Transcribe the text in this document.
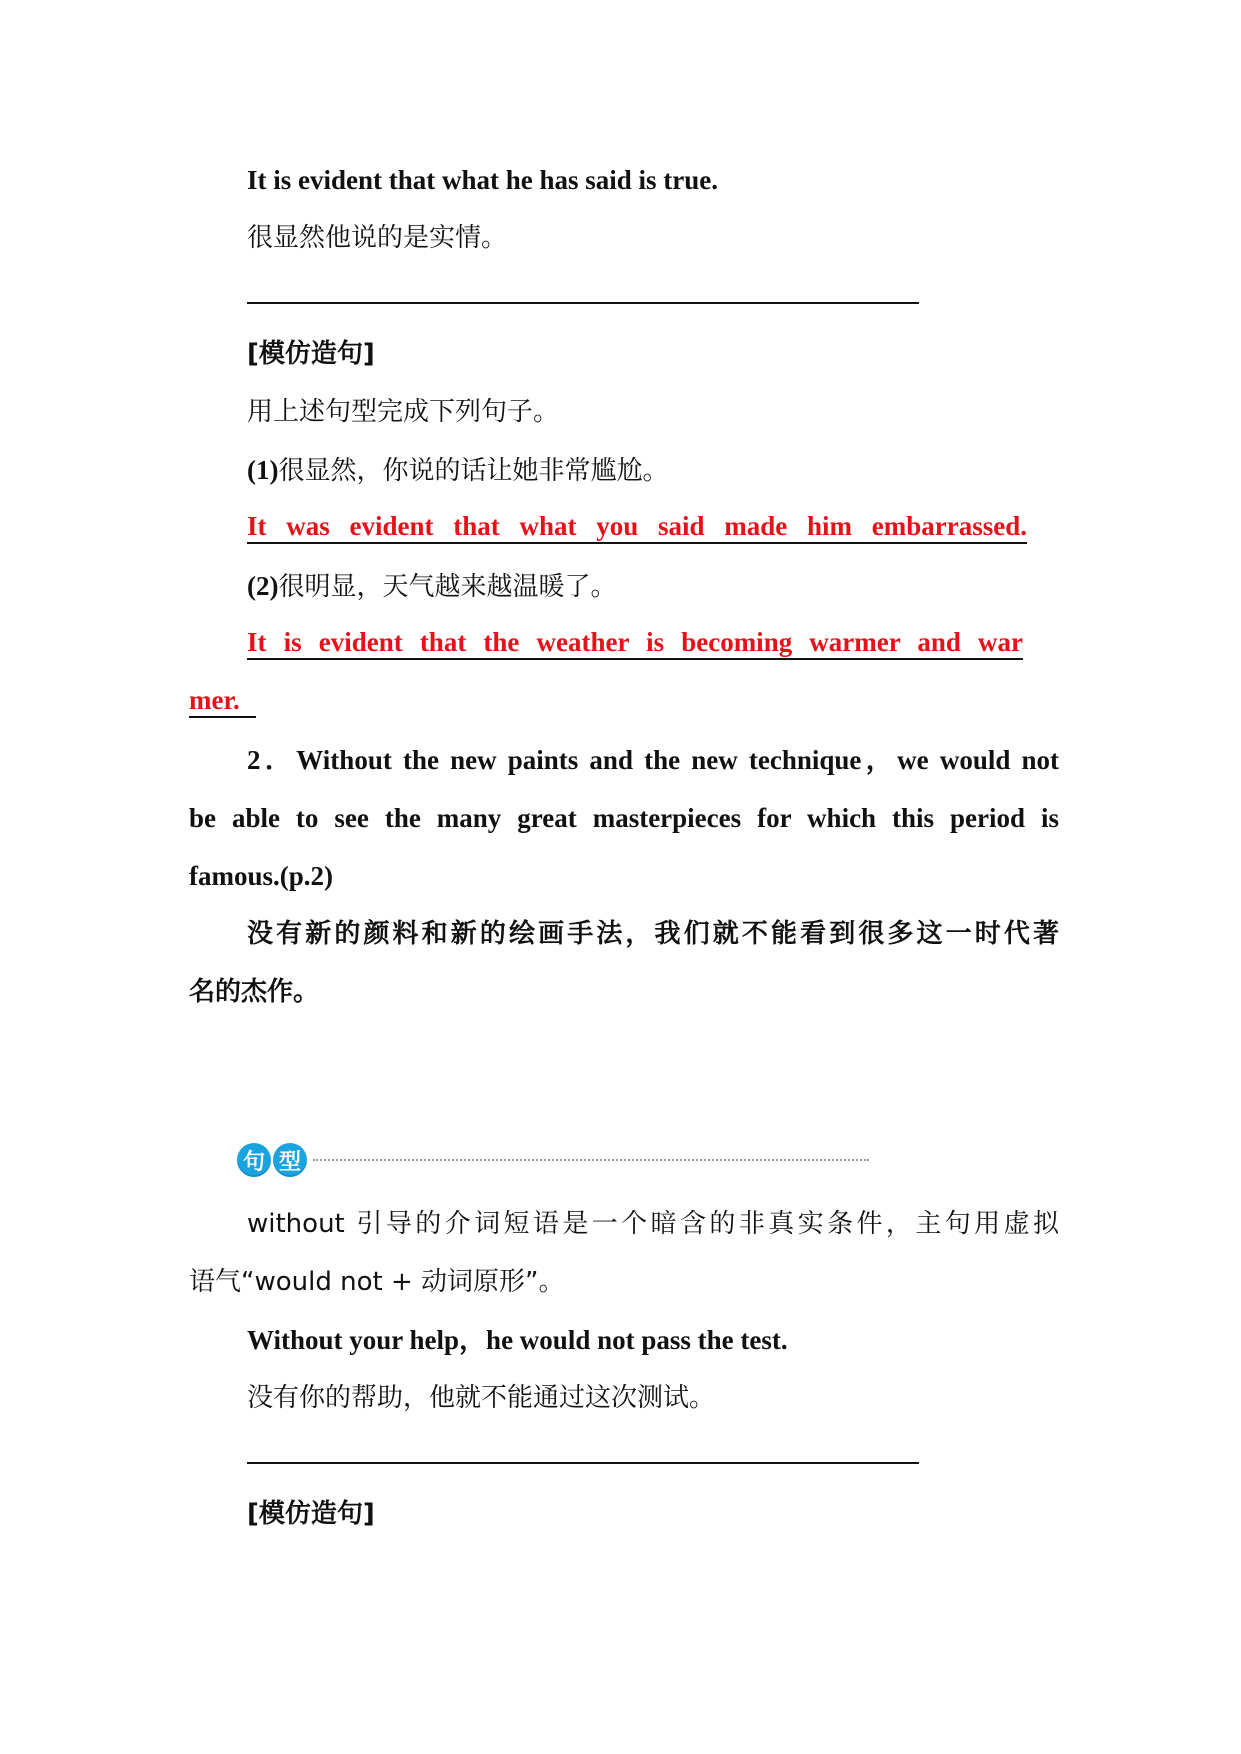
It is evident that what he has said is true.
很显然他说的是实情。
[模仿造句]
用上述句型完成下列句子。
(1)很显然，你说的话让她非常尴尬。
It was evident that what you said made him embarrassed.
(2)很明显，天气越来越温暖了。
It is evident that the weather is becoming warmer and war
mer.
2．Without the new paints and the new technique，we would not
be able to see the many great masterpieces for which this period is
famous.(p.2)
没有新的颜料和新的绘画手法，我们就不能看到很多这一时代著
名的杰作。
句 型
without 引导的介词短语是一个暗含的非真实条件，主句用虚拟
语气“would not + 动词原形”。
Without your help，he would not pass the test.
没有你的帮助，他就不能通过这次测试。
[模仿造句]
